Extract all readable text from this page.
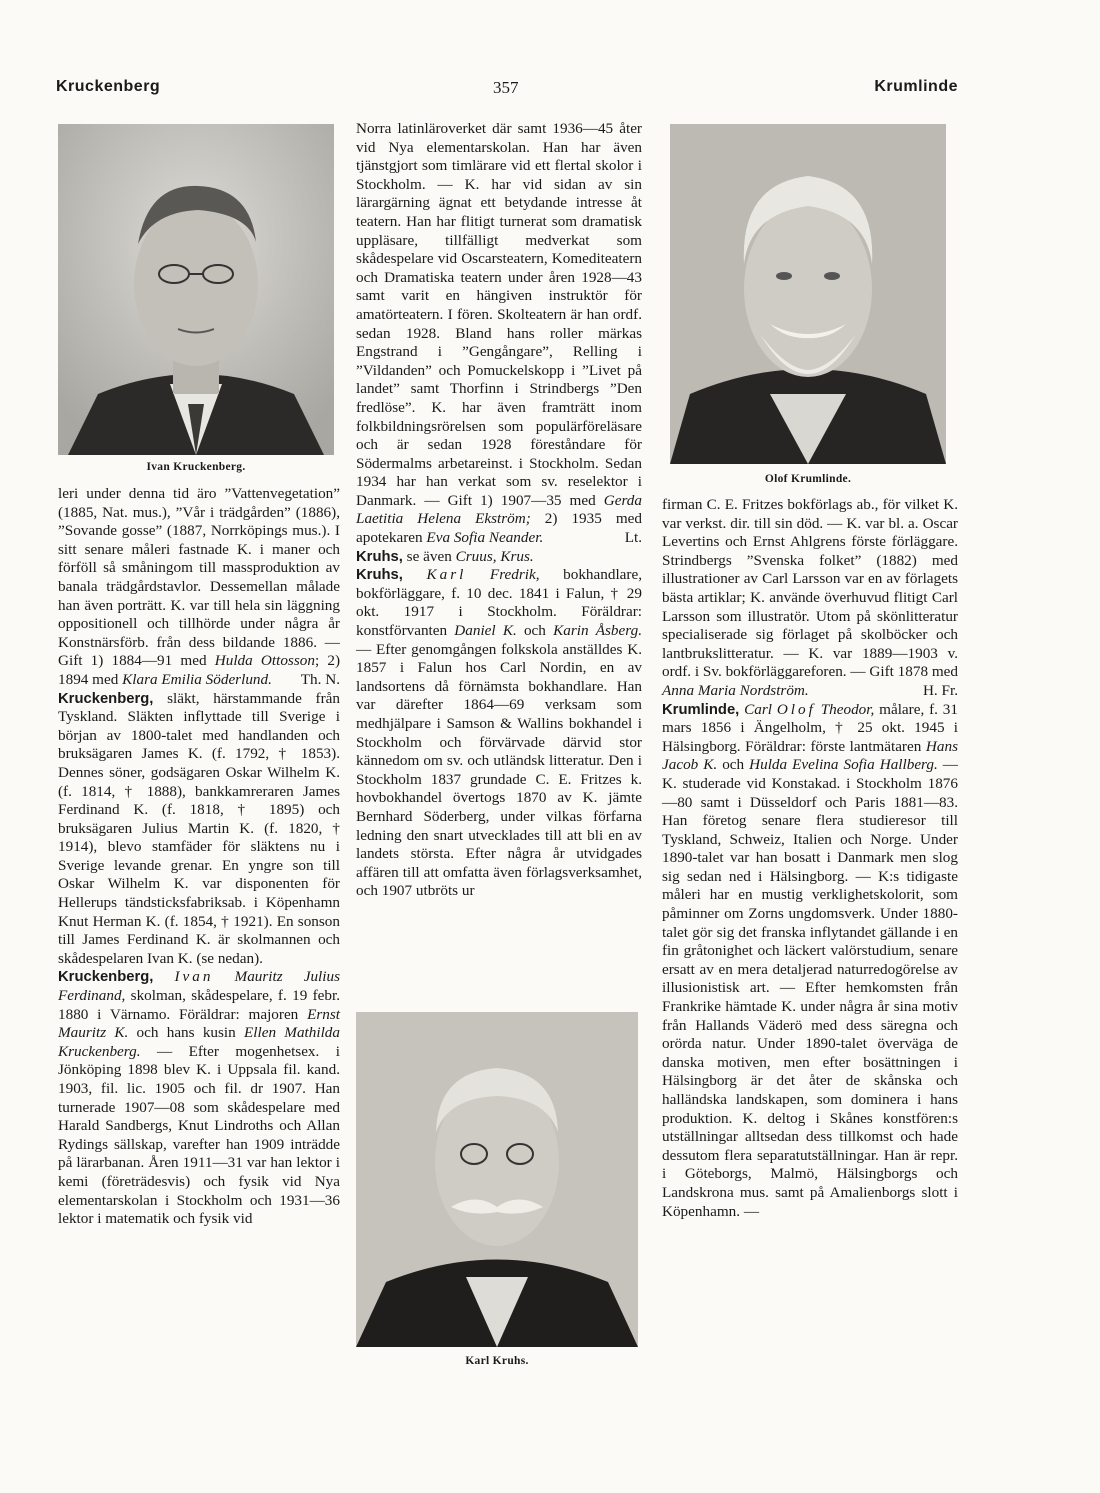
Kruckenberg	357	Krumlinde
Ivan Kruckenberg.
Olof Krumlinde.
Karl Kruhs.

leri under denna tid äro ”Vattenvegetation” (1885, Nat. mus.), ”Vår i trädgården” (1886), ”Sovande gosse” (1887, Norrköpings mus.). I sitt senare måleri fastnade K. i maner och förföll så småningom till massproduktion av banala trädgårdstavlor. Dessemellan målade han även porträtt. K. var till hela sin läggning oppositionell och tillhörde under några år Konstnärsförb. från dess bildande 1886. — Gift 1) 1884—91 med Hulda Ottosson; 2) 1894 med Klara Emilia Söderlund. Th. N.

Kruckenberg, släkt, härstammande från Tyskland. Släkten inflyttade till Sverige i början av 1800-talet med handlanden och bruksägaren James K. (f. 1792, † 1853). Dennes söner, godsägaren Oskar Wilhelm K. (f. 1814, † 1888), bankkamreraren James Ferdinand K. (f. 1818, † 1895) och bruksägaren Julius Martin K. (f. 1820, † 1914), blevo stamfäder för släktens nu i Sverige levande grenar. En yngre son till Oskar Wilhelm K. var disponenten för Hellerups tändsticksfabriksab. i Köpenhamn Knut Herman K. (f. 1854, † 1921). En sonson till James Ferdinand K. är skolmannen och skådespelaren Ivan K. (se nedan).

Kruckenberg, Ivan Mauritz Julius Ferdinand, skolman, skådespelare, f. 19 febr. 1880 i Värnamo. Föräldrar: majoren Ernst Mauritz K. och hans kusin Ellen Mathilda Kruckenberg. — Efter mogenhetsex. i Jönköping 1898 blev K. i Uppsala fil. kand. 1903, fil. lic. 1905 och fil. dr 1907. Han turnerade 1907—08 som skådespelare med Harald Sandbergs, Knut Lindroths och Allan Rydings sällskap, varefter han 1909 inträdde på lärarbanan. Åren 1911—31 var han lektor i kemi (företrädesvis) och fysik vid Nya elementarskolan i Stockholm och 1931—36 lektor i matematik och fysik vid

Norra latinläroverket där samt 1936—45 åter vid Nya elementarskolan. Han har även tjänstgjort som timlärare vid ett flertal skolor i Stockholm. — K. har vid sidan av sin lärargärning ägnat ett betydande intresse åt teatern. Han har flitigt turnerat som dramatisk uppläsare, tillfälligt medverkat som skådespelare vid Oscarsteatern, Komediteatern och Dramatiska teatern under åren 1928—43 samt varit en hängiven instruktör för amatörteatern. I fören. Skolteatern är han ordf. sedan 1928. Bland hans roller märkas Engstrand i ”Gengångare”, Relling i ”Vildanden” och Pomuckelskopp i ”Livet på landet” samt Thorfinn i Strindbergs ”Den fredlöse”. K. har även framträtt inom folkbildningsrörelsen som populärföreläsare och är sedan 1928 föreståndare för Södermalms arbetareinst. i Stockholm. Sedan 1934 har han verkat som sv. reselektor i Danmark. — Gift 1) 1907—35 med Gerda Laetitia Helena Ekström; 2) 1935 med apotekaren Eva Sofia Neander.	Lt.

Kruhs, se även Cruus, Krus.

Kruhs, Karl Fredrik, bokhandlare, bokförläggare, f. 10 dec. 1841 i Falun, † 29 okt. 1917 i Stockholm. Föräldrar: konstförvanten Daniel K. och Karin Åsberg. — Efter genomgången folkskola anställdes K. 1857 i Falun hos Carl Nordin, en av landsortens då förnämsta bokhandlare. Han var därefter 1864—69 verksam som medhjälpare i Samson & Wallins bokhandel i Stockholm och förvärvade därvid stor kännedom om sv. och utländsk litteratur. Den i Stockholm 1837 grundade C. E. Fritzes k. hovbokhandel övertogs 1870 av K. jämte Bernhard Söderberg, under vilkas förfarna ledning den snart utvecklades till att bli en av landets största. Efter några år utvidgades affären till att omfatta även förlagsverksamhet, och 1907 utbröts ur

firman C. E. Fritzes bokförlags ab., för vilket K. var verkst. dir. till sin död. — K. var bl. a. Oscar Levertins och Ernst Ahlgrens förste förläggare. Strindbergs ”Svenska folket” (1882) med illustrationer av Carl Larsson var en av förlagets bästa artiklar; K. använde överhuvud flitigt Carl Larsson som illustratör. Utom på skönlitteratur specialiserade sig förlaget på skolböcker och lantbrukslitteratur. — K. var 1889—1903 v. ordf. i Sv. bokförläggareforen. — Gift 1878 med Anna Maria Nordström.	H. Fr.

Krumlinde, Carl Olof Theodor, målare, f. 31 mars 1856 i Ängelholm, † 25 okt. 1945 i Hälsingborg. Föräldrar: förste lantmätaren Hans Jacob K. och Hulda Evelina Sofia Hallberg. — K. studerade vid Konstakad. i Stockholm 1876—80 samt i Düsseldorf och Paris 1881—83. Han företog senare flera studieresor till Tyskland, Schweiz, Italien och Norge. Under 1890-talet var han bosatt i Danmark men slog sig sedan ned i Hälsingborg. — K:s tidigaste måleri har en mustig verklighetskolorit, som påminner om Zorns ungdomsverk. Under 1880-talet gör sig det franska inflytandet gällande i en fin gråtonighet och läckert valörstudium, senare ersatt av en mera detaljerad naturredogörelse av illusionistisk art. — Efter hemkomsten från Frankrike hämtade K. under några år sina motiv från Hallands Väderö med dess säregna och orörda natur. Under 1890-talet överväga de danska motiven, men efter bosättningen i Hälsingborg är det åter de skånska och halländska landskapen, som dominera i hans produktion. K. deltog i Skånes konstfören:s utställningar alltsedan dess tillkomst och hade dessutom flera separatutställningar. Han är repr. i Göteborgs, Malmö, Hälsingborgs och Landskrona mus. samt på Amalienborgs slott i Köpenhamn. —
